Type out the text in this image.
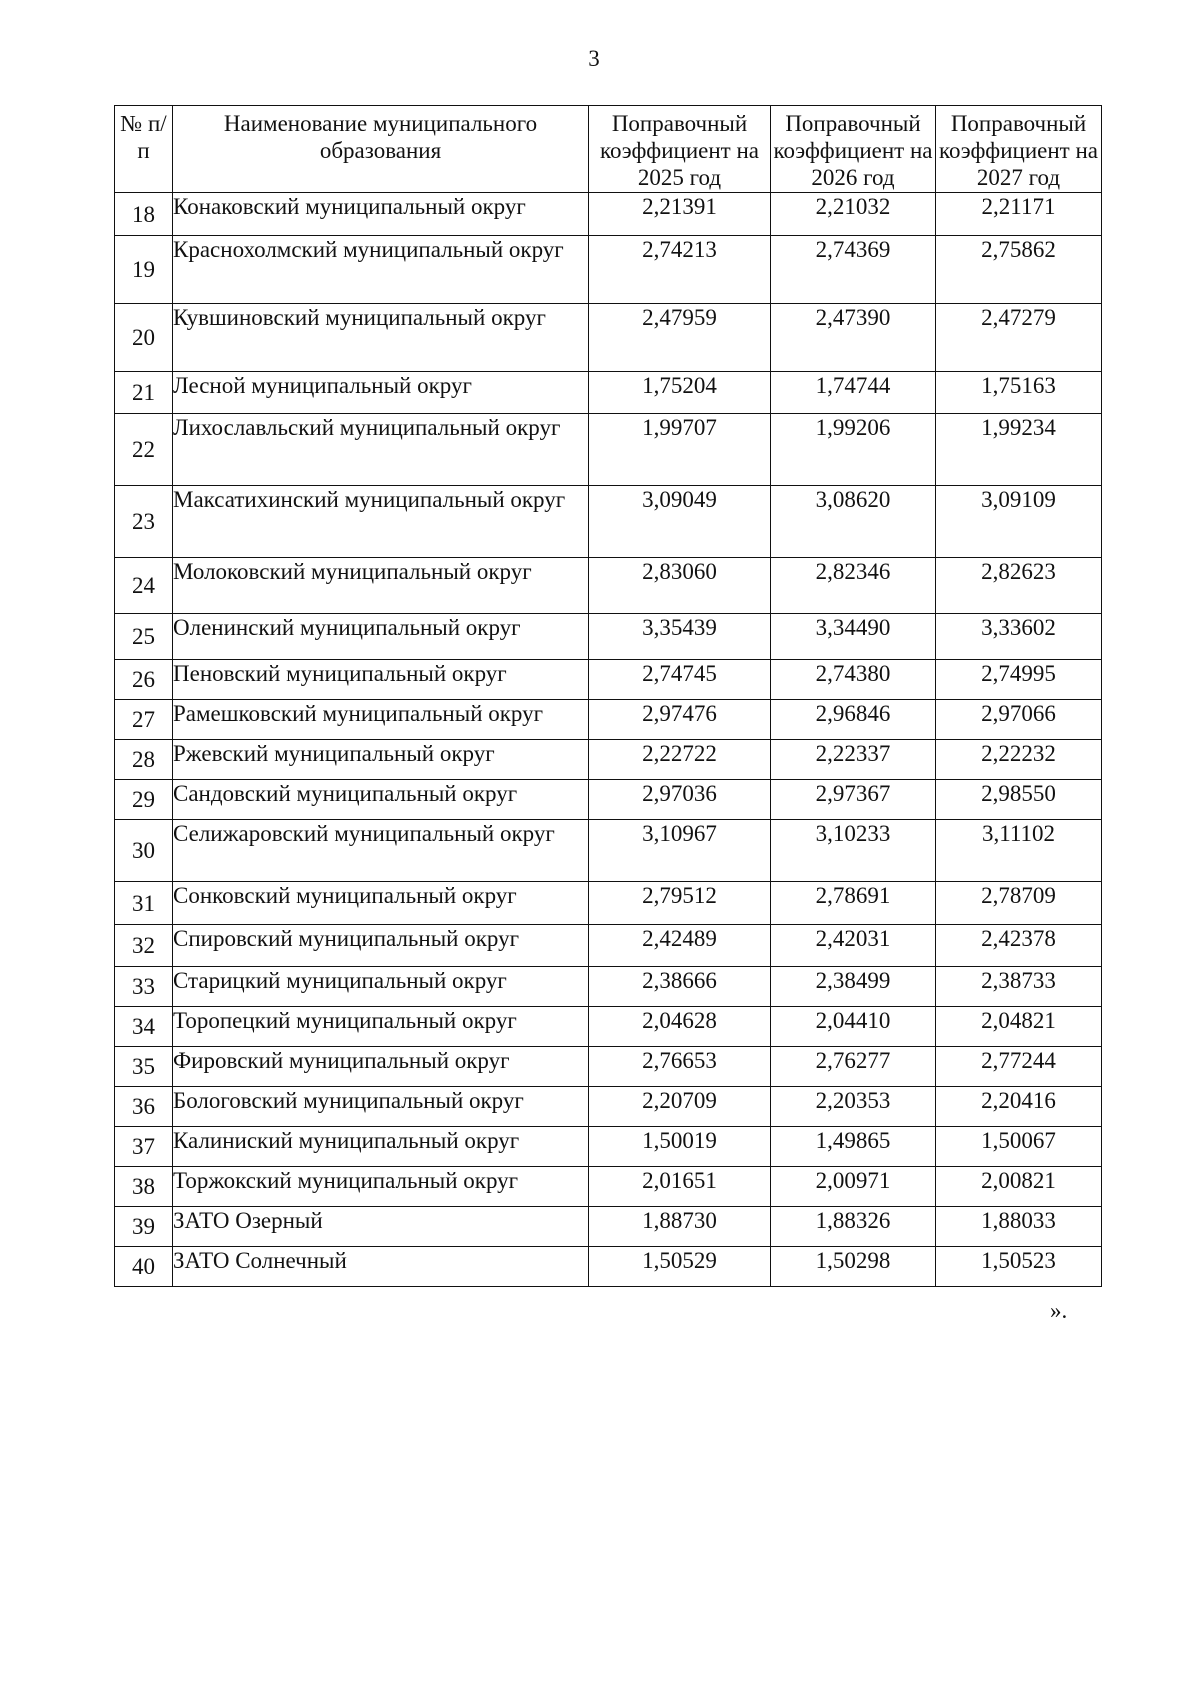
3
№ п/п	Наименование муниципального образования	Поправочный коэффициент на 2025 год	Поправочный коэффициент на 2026 год	Поправочный коэффициент на 2027 год
18	Конаковский муниципальный округ	2,21391	2,21032	2,21171
19	Краснохолмский муниципальный округ	2,74213	2,74369	2,75862
20	Кувшиновский муниципальный округ	2,47959	2,47390	2,47279
21	Лесной муниципальный округ	1,75204	1,74744	1,75163
22	Лихославльский муниципальный округ	1,99707	1,99206	1,99234
23	Максатихинский муниципальный округ	3,09049	3,08620	3,09109
24	Молоковский муниципальный округ	2,83060	2,82346	2,82623
25	Оленинский муниципальный округ	3,35439	3,34490	3,33602
26	Пеновский муниципальный округ	2,74745	2,74380	2,74995
27	Рамешковский муниципальный округ	2,97476	2,96846	2,97066
28	Ржевский муниципальный округ	2,22722	2,22337	2,22232
29	Сандовский муниципальный округ	2,97036	2,97367	2,98550
30	Селижаровский муниципальный округ	3,10967	3,10233	3,11102
31	Сонковский муниципальный округ	2,79512	2,78691	2,78709
32	Спировский муниципальный округ	2,42489	2,42031	2,42378
33	Старицкий муниципальный округ	2,38666	2,38499	2,38733
34	Торопецкий муниципальный округ	2,04628	2,04410	2,04821
35	Фировский муниципальный округ	2,76653	2,76277	2,77244
36	Бологовский муниципальный округ	2,20709	2,20353	2,20416
37	Калиниский муниципальный округ	1,50019	1,49865	1,50067
38	Торжокский муниципальный округ	2,01651	2,00971	2,00821
39	ЗАТО Озерный	1,88730	1,88326	1,88033
40	ЗАТО Солнечный	1,50529	1,50298	1,50523
».
